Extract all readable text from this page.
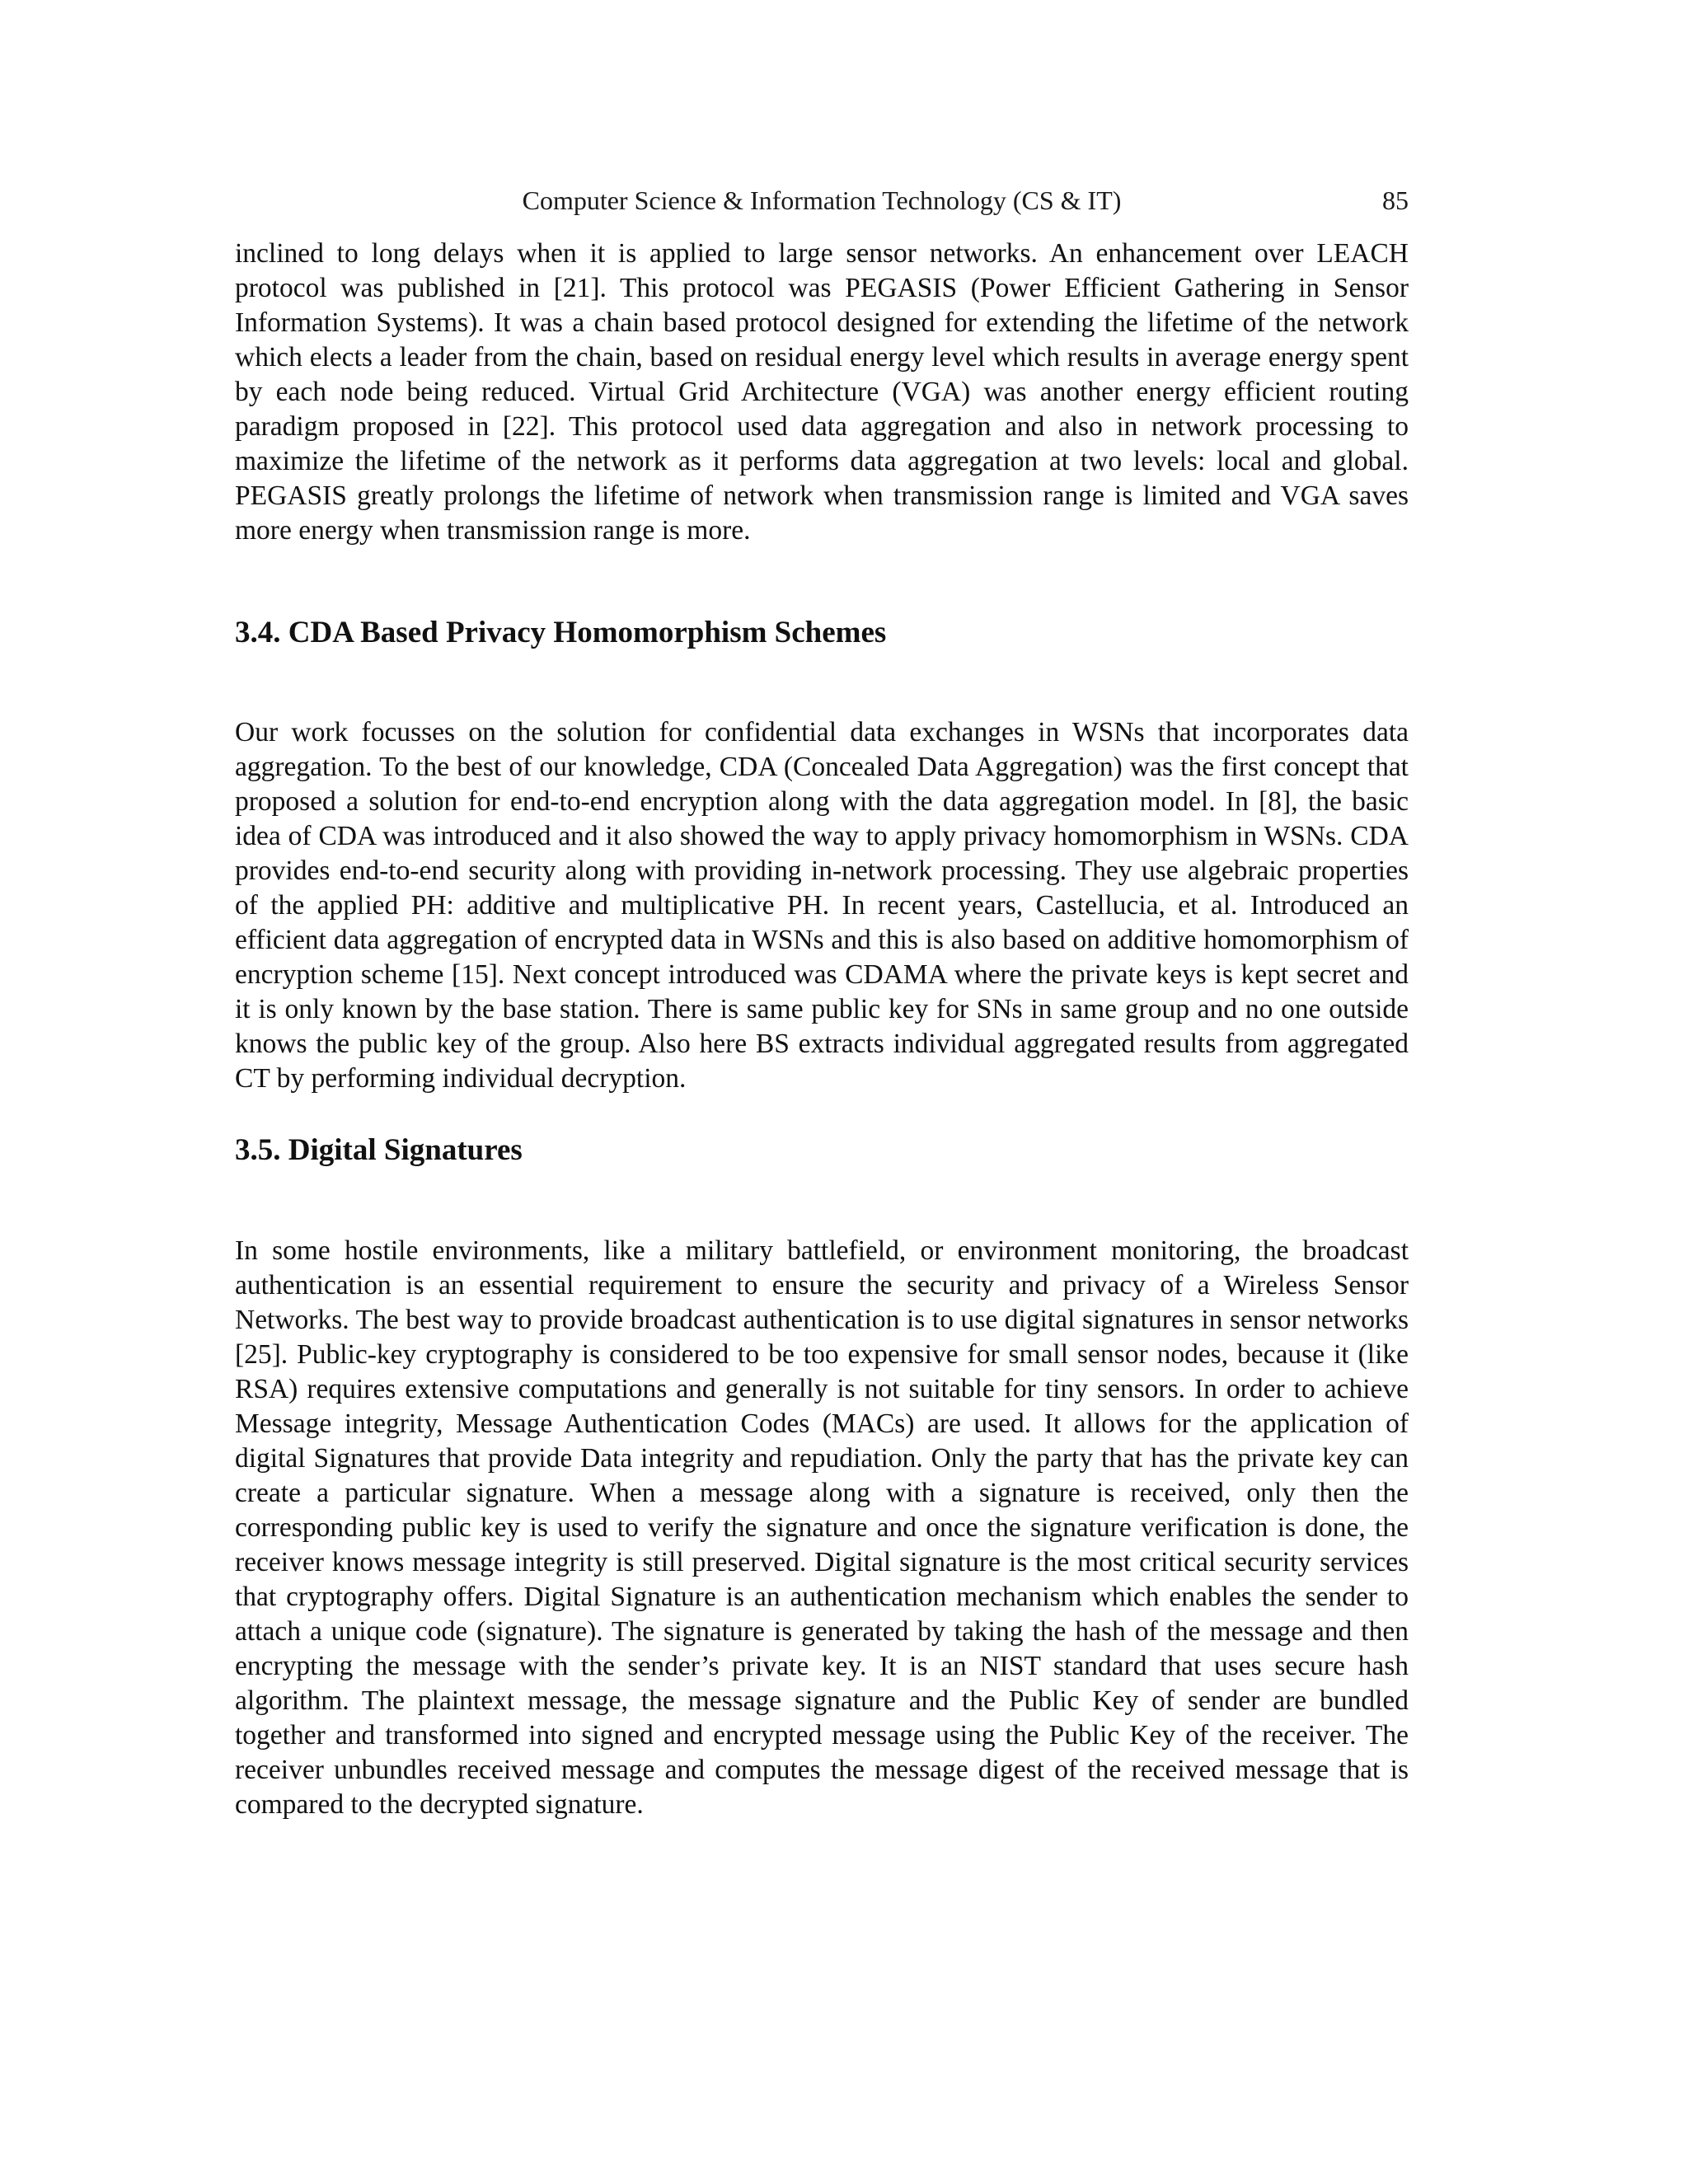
Computer Science & Information Technology (CS & IT)	85

inclined to long delays when it is applied to large sensor networks. An enhancement over LEACH protocol was published in [21]. This protocol was PEGASIS (Power Efficient Gathering in Sensor Information Systems). It was a chain based protocol designed for extending the lifetime of the network which elects a leader from the chain, based on residual energy level which results in average energy spent by each node being reduced. Virtual Grid Architecture (VGA) was another energy efficient routing paradigm proposed in [22]. This protocol used data aggregation and also in network processing to maximize the lifetime of the network as it performs data aggregation at two levels: local and global. PEGASIS greatly prolongs the lifetime of network when transmission range is limited and VGA saves more energy when transmission range is more.

3.4. CDA Based Privacy Homomorphism Schemes

Our work focusses on the solution for confidential data exchanges in WSNs that incorporates data aggregation. To the best of our knowledge, CDA (Concealed Data Aggregation) was the first concept that proposed a solution for end-to-end encryption along with the data aggregation model. In [8], the basic idea of CDA was introduced and it also showed the way to apply privacy homomorphism in WSNs. CDA provides end-to-end security along with providing in-network processing. They use algebraic properties of the applied PH: additive and multiplicative PH. In recent years, Castellucia, et al. Introduced an efficient data aggregation of encrypted data in WSNs and this is also based on additive homomorphism of encryption scheme [15]. Next concept introduced was CDAMA where the private keys is kept secret and it is only known by the base station. There is same public key for SNs in same group and no one outside knows the public key of the group. Also here BS extracts individual aggregated results from aggregated CT by performing individual decryption.

3.5. Digital Signatures

In some hostile environments, like a military battlefield, or environment monitoring, the broadcast authentication is an essential requirement to ensure the security and privacy of a Wireless Sensor Networks. The best way to provide broadcast authentication is to use digital signatures in sensor networks [25]. Public-key cryptography is considered to be too expensive for small sensor nodes, because it (like RSA) requires extensive computations and generally is not suitable for tiny sensors. In order to achieve Message integrity, Message Authentication Codes (MACs) are used. It allows for the application of digital Signatures that provide Data integrity and repudiation. Only the party that has the private key can create a particular signature. When a message along with a signature is received, only then the corresponding public key is used to verify the signature and once the signature verification is done, the receiver knows message integrity is still preserved. Digital signature is the most critical security services that cryptography offers. Digital Signature is an authentication mechanism which enables the sender to attach a unique code (signature). The signature is generated by taking the hash of the message and then encrypting the message with the sender’s private key. It is an NIST standard that uses secure hash algorithm. The plaintext message, the message signature and the Public Key of sender are bundled together and transformed into signed and encrypted message using the Public Key of the receiver. The receiver unbundles received message and computes the message digest of the received message that is compared to the decrypted signature.
